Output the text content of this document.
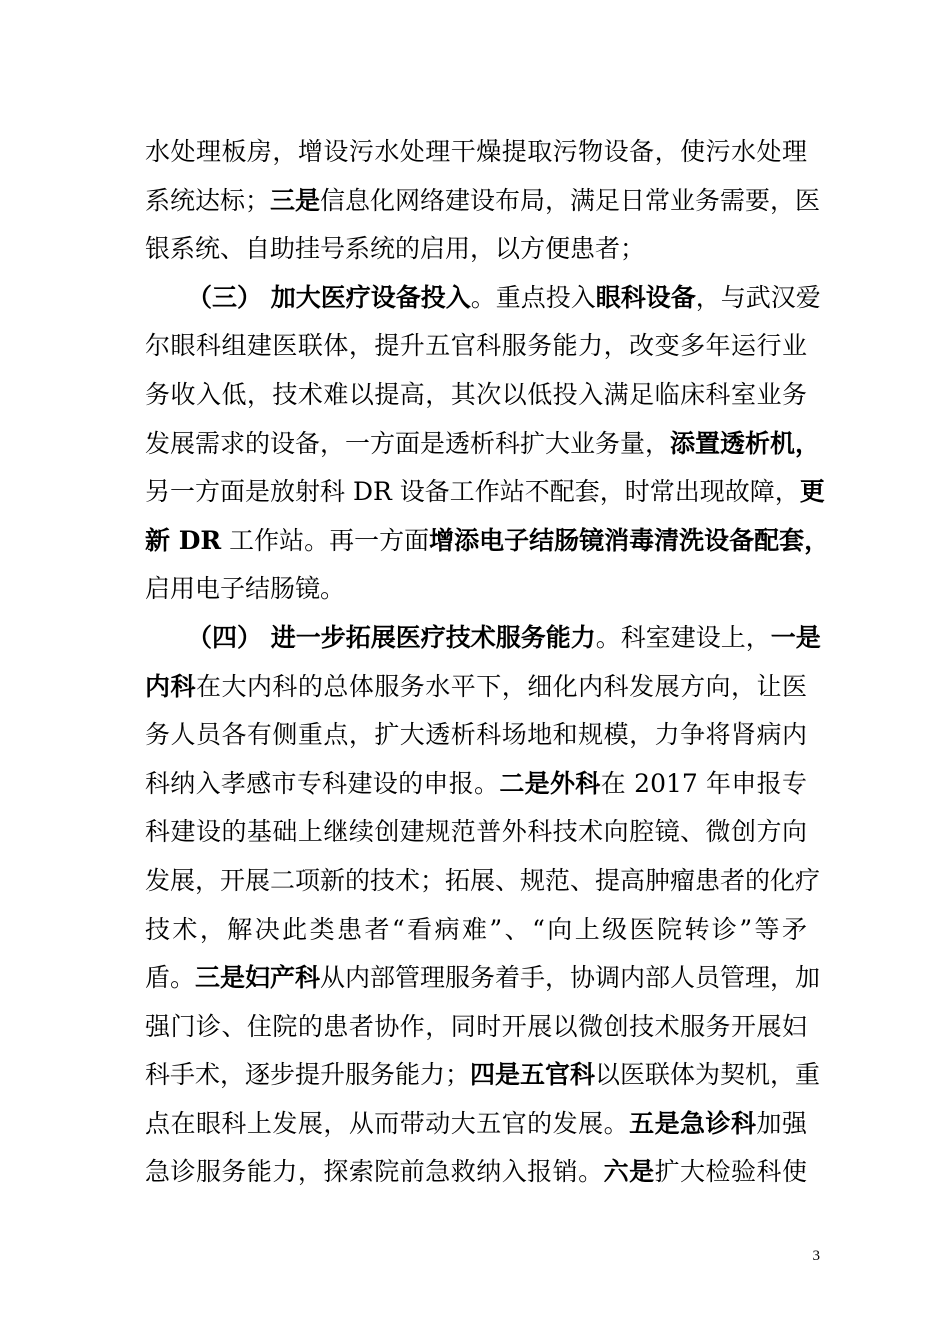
水处理板房，增设污水处理干燥提取污物设备，使污水处理
系统达标；三是信息化网络建设布局，满足日常业务需要，医
银系统、自助挂号系统的启用，以方便患者；
（三） 加大医疗设备投入。重点投入眼科设备，与武汉爱
尔眼科组建医联体，提升五官科服务能力，改变多年运行业
务收入低，技术难以提高，其次以低投入满足临床科室业务
发展需求的设备，一方面是透析科扩大业务量，添置透析机，
另一方面是放射科 DR 设备工作站不配套，时常出现故障，更
新 DR 工作站。再一方面增添电子结肠镜消毒清洗设备配套，
启用电子结肠镜。
（四） 进一步拓展医疗技术服务能力。科室建设上，一是
内科在大内科的总体服务水平下，细化内科发展方向，让医
务人员各有侧重点，扩大透析科场地和规模，力争将肾病内
科纳入孝感市专科建设的申报。二是外科在 2017 年申报专
科建设的基础上继续创建规范普外科技术向腔镜、微创方向
发展，开展二项新的技术；拓展、规范、提高肿瘤患者的化疗
技术，解决此类患者“看病难”、“向上级医院转诊”等矛
盾。三是妇产科从内部管理服务着手，协调内部人员管理，加
强门诊、住院的患者协作，同时开展以微创技术服务开展妇
科手术，逐步提升服务能力；四是五官科以医联体为契机，重
点在眼科上发展，从而带动大五官的发展。五是急诊科加强
急诊服务能力，探索院前急救纳入报销。六是扩大检验科使
3
